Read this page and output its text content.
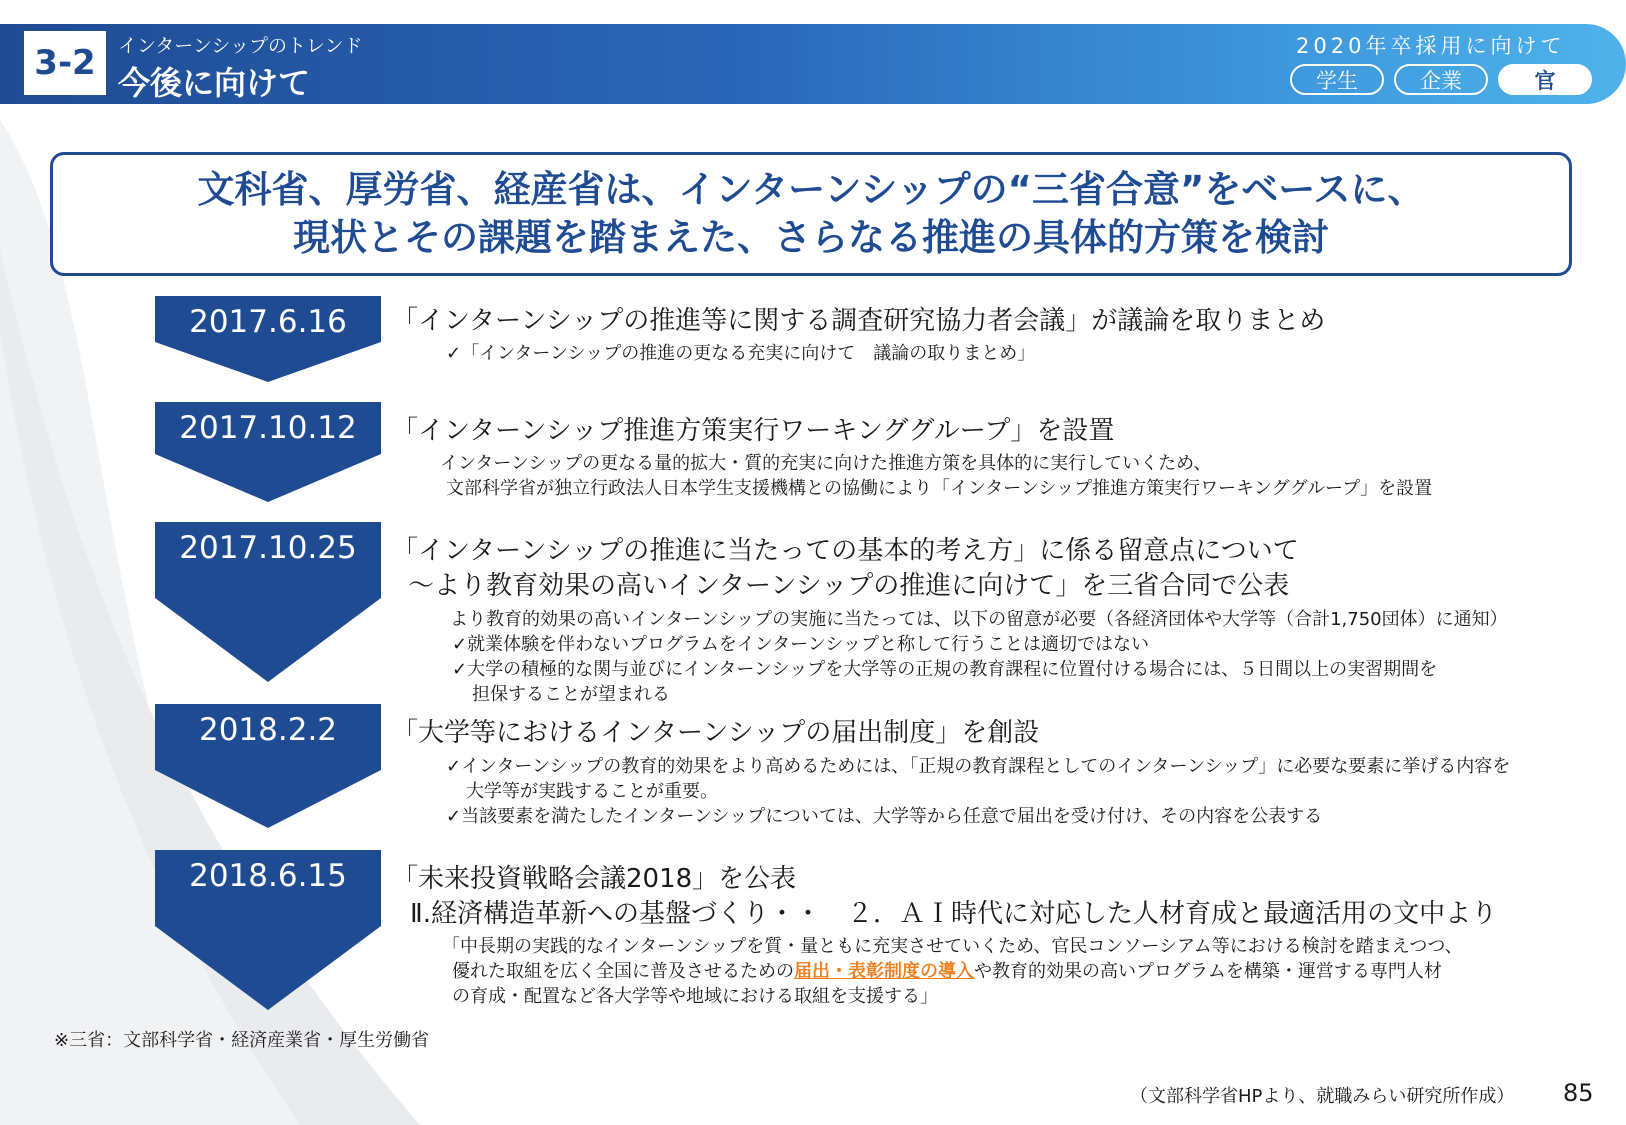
3-2	インターンシップのトレンド
今後に向けて
2020年卒採用に向けて
学生	企業	官
文科省、厚労省、経産省は、インターンシップの“三省合意”をベースに、
現状とその課題を踏まえた、さらなる推進の具体的方策を検討
2017.6.16	「インターンシップの推進等に関する調査研究協力者会議」が議論を取りまとめ
✓「インターンシップの推進の更なる充実に向けて　議論の取りまとめ」
2017.10.12	「インターンシップ推進方策実行ワーキンググループ」を設置
インターンシップの更なる量的拡大・質的充実に向けた推進方策を具体的に実行していくため、
文部科学省が独立行政法人日本学生支援機構との協働により「インターンシップ推進方策実行ワーキンググループ」を設置
2017.10.25	「インターンシップの推進に当たっての基本的考え方」に係る留意点について
～より教育効果の高いインターンシップの推進に向けて」を三省合同で公表
より教育的効果の高いインターンシップの実施に当たっては、以下の留意が必要（各経済団体や大学等（合計1,750団体）に通知）
✓就業体験を伴わないプログラムをインターンシップと称して行うことは適切ではない
✓大学の積極的な関与並びにインターンシップを大学等の正規の教育課程に位置付ける場合には、５日間以上の実習期間を
担保することが望まれる
2018.2.2	「大学等におけるインターンシップの届出制度」を創設
✓インターンシップの教育的効果をより高めるためには、「正規の教育課程としてのインターンシップ」に必要な要素に挙げる内容を
大学等が実践することが重要。
✓当該要素を満たしたインターンシップについては、大学等から任意で届出を受け付け、その内容を公表する
2018.6.15	「未来投資戦略会議2018」を公表
Ⅱ.経済構造革新への基盤づくり・・　２．ＡＩ時代に対応した人材育成と最適活用の文中より
「中長期の実践的なインターンシップを質・量ともに充実させていくため、官民コンソーシアム等における検討を踏まえつつ、
優れた取組を広く全国に普及させるための届出・表彰制度の導入や教育的効果の高いプログラムを構築・運営する専門人材
の育成・配置など各大学等や地域における取組を支援する」
※三省：文部科学省・経済産業省・厚生労働省
（文部科学省HPより、就職みらい研究所作成） 85
